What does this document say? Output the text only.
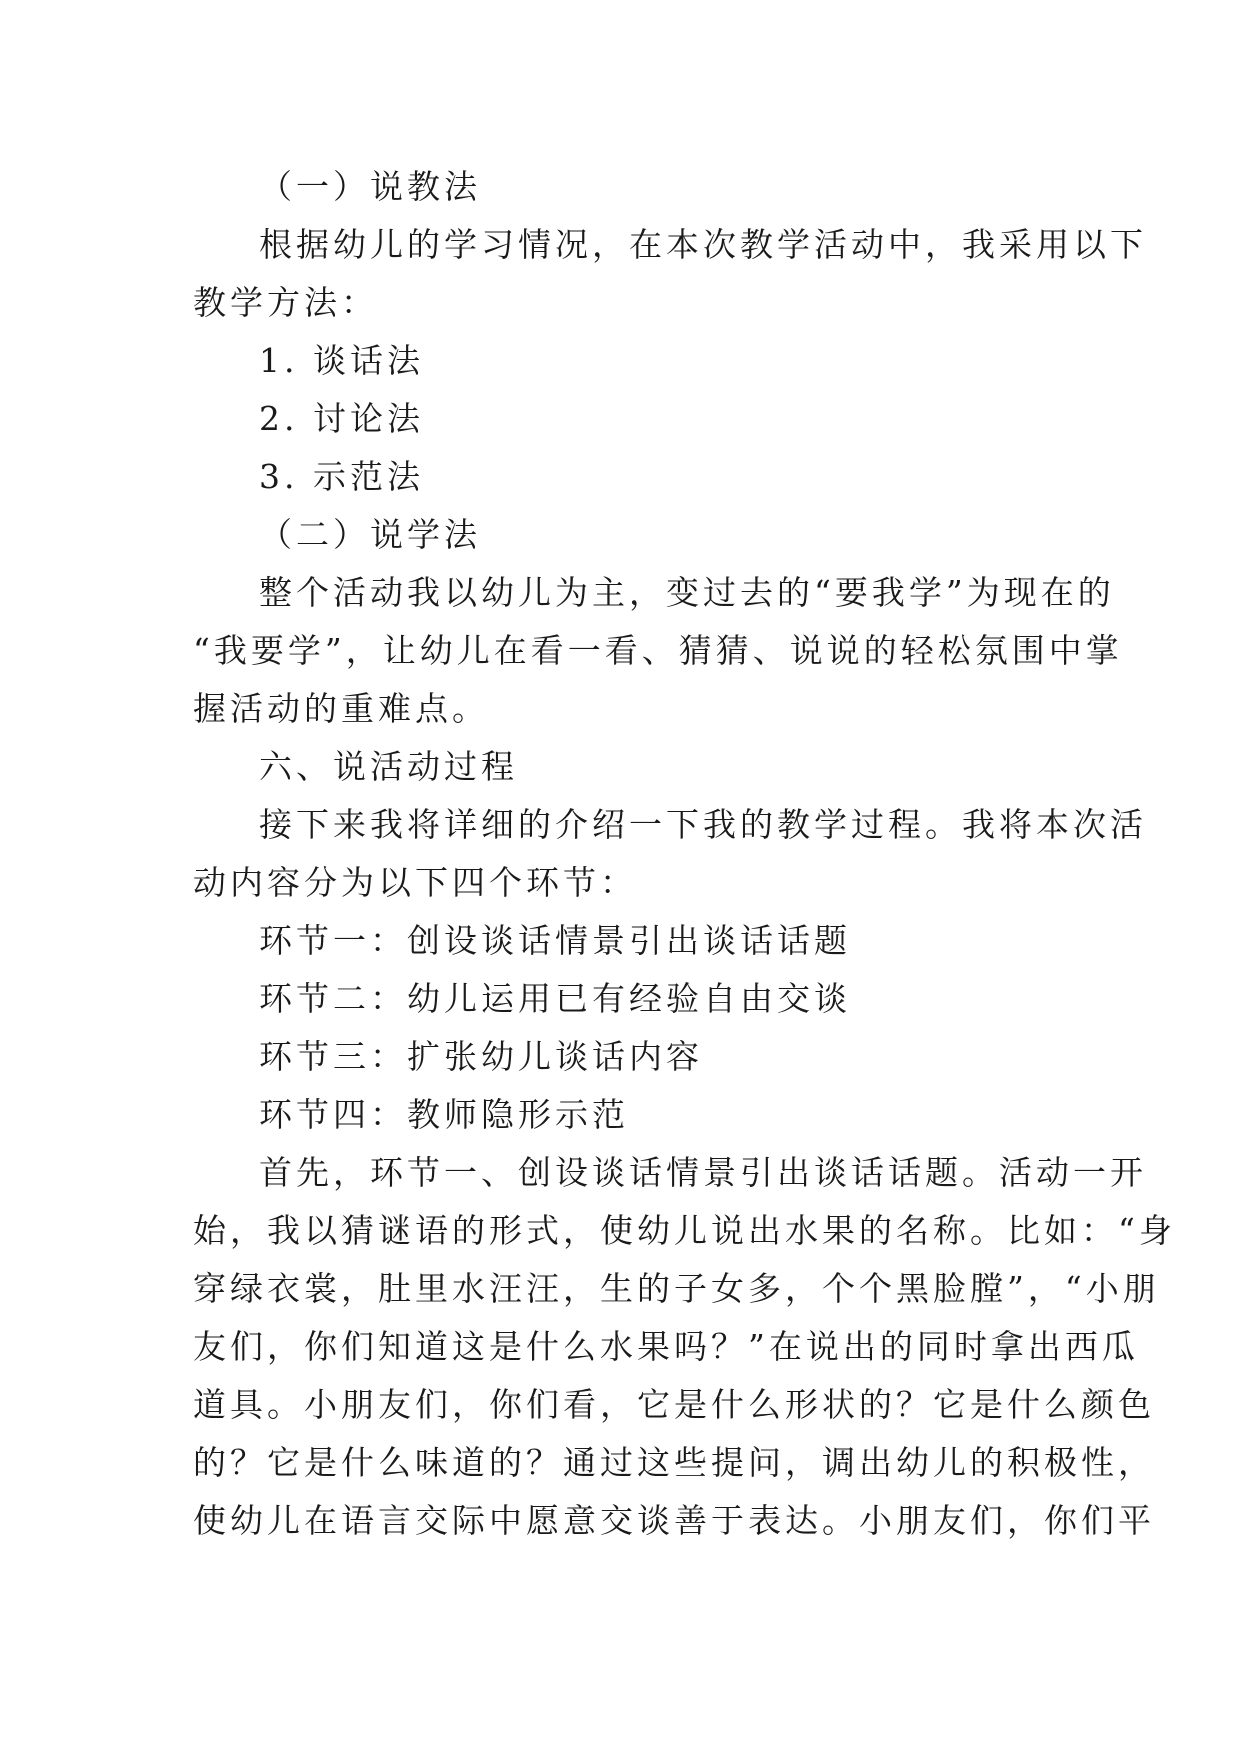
（一）说教法
根据幼儿的学习情况，在本次教学活动中，我采用以下
教学方法：
1. 谈话法
2. 讨论法
3. 示范法
（二）说学法
整个活动我以幼儿为主，变过去的“要我学”为现在的
“我要学”，让幼儿在看一看、猜猜、说说的轻松氛围中掌
握活动的重难点。
六、说活动过程
接下来我将详细的介绍一下我的教学过程。我将本次活
动内容分为以下四个环节：
环节一：创设谈话情景引出谈话话题
环节二：幼儿运用已有经验自由交谈
环节三：扩张幼儿谈话内容
环节四：教师隐形示范
首先，环节一、创设谈话情景引出谈话话题。活动一开
始，我以猜谜语的形式，使幼儿说出水果的名称。比如：“身
穿绿衣裳，肚里水汪汪，生的子女多，个个黑脸膛”，“小朋
友们，你们知道这是什么水果吗？”在说出的同时拿出西瓜
道具。小朋友们，你们看，它是什么形状的？它是什么颜色
的？它是什么味道的？通过这些提问，调出幼儿的积极性，
使幼儿在语言交际中愿意交谈善于表达。小朋友们，你们平
